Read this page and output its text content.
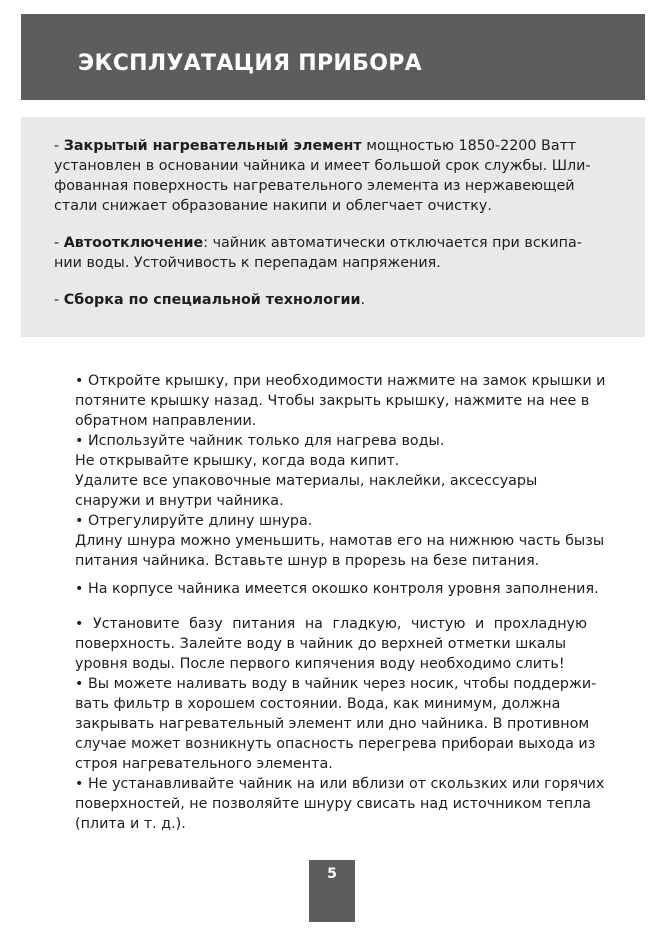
ЭКСПЛУАТАЦИЯ ПРИБОРА

- Закрытый нагревательный элемент мощностью 1850-2200 Ватт
установлен в основании чайника и имеет большой срок службы. Шли-
фованная поверхность нагревательного элемента из нержавеющей
стали снижает образование накипи и облегчает очистку.

- Автоотключение: чайник автоматически отключается при вскипа-
нии воды. Устойчивость к перепадам напряжения.

- Сборка по специальной технологии.

• Откройте крышку, при необходимости нажмите на замок крышки и
потяните крышку назад. Чтобы закрыть крышку, нажмите на нее в
обратном направлении.
• Используйте чайник только для нагрева воды.
Не открывайте крышку, когда вода кипит.
Удалите все упаковочные материалы, наклейки, аксессуары
снаружи и внутри чайника.
• Отрегулируйте длину шнура.
Длину шнура можно уменьшить, намотав его на нижнюю часть бызы
питания чайника. Вставьте шнур в прорезь на безе питания.

• На корпусе чайника имеется окошко контроля уровня заполнения.

• Установите базу питания на гладкую, чистую и прохладную
поверхность. Залейте воду в чайник до верхней отметки шкалы
уровня воды. После первого кипячения воду необходимо слить!
• Вы можете наливать воду в чайник через носик, чтобы поддержи-
вать фильтр в хорошем состоянии. Вода, как минимум, должна
закрывать нагревательный элемент или дно чайника. В противном
случае может возникнуть опасность перегрева прибораи выхода из
строя нагревательного элемента.
• Не устанавливайте чайник на или вблизи от скользких или горячих
поверхностей, не позволяйте шнуру свисать над источником тепла
(плита и т. д.).

5
